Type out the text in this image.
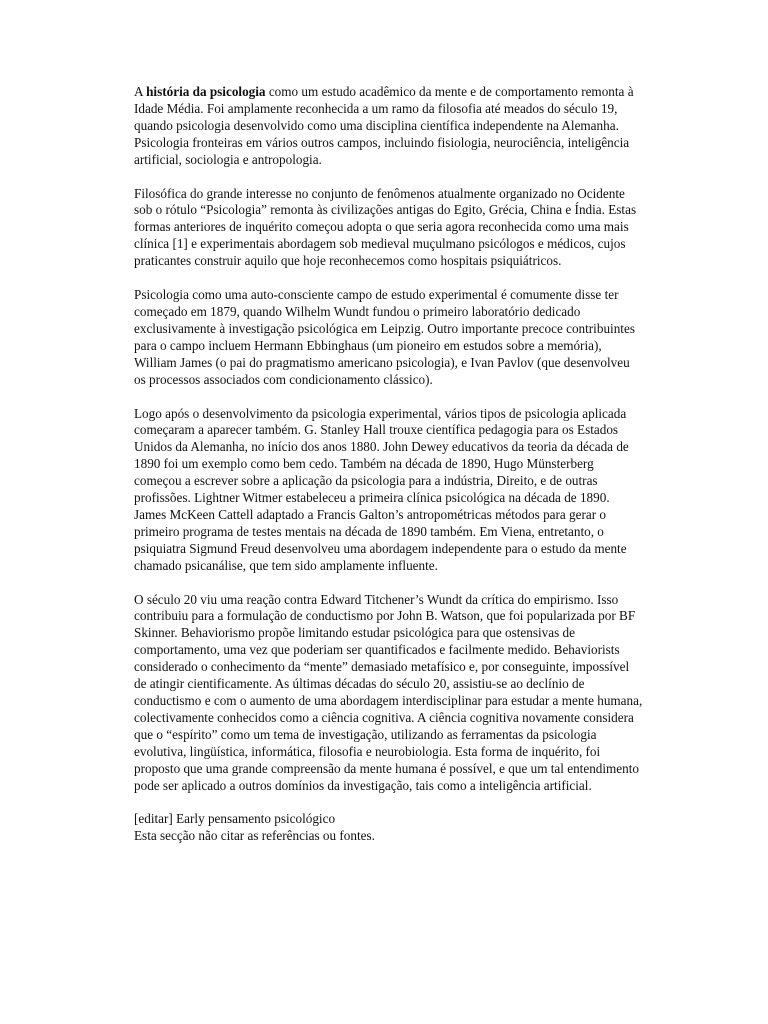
A história da psicologia como um estudo acadêmico da mente e de comportamento remonta à Idade Média. Foi amplamente reconhecida a um ramo da filosofia até meados do século 19, quando psicologia desenvolvido como uma disciplina científica independente na Alemanha. Psicologia fronteiras em vários outros campos, incluindo fisiologia, neurociência, inteligência artificial, sociologia e antropologia.

Filosófica do grande interesse no conjunto de fenômenos atualmente organizado no Ocidente sob o rótulo “Psicologia” remonta às civilizações antigas do Egito, Grécia, China e Índia. Estas formas anteriores de inquérito começou adopta o que seria agora reconhecida como uma mais clínica [1] e experimentais abordagem sob medieval muçulmano psicólogos e médicos, cujos praticantes construir aquilo que hoje reconhecemos como hospitais psiquiátricos.

Psicologia como uma auto-consciente campo de estudo experimental é comumente disse ter começado em 1879, quando Wilhelm Wundt fundou o primeiro laboratório dedicado exclusivamente à investigação psicológica em Leipzig. Outro importante precoce contribuintes para o campo incluem Hermann Ebbinghaus (um pioneiro em estudos sobre a memória), William James (o pai do pragmatismo americano psicologia), e Ivan Pavlov (que desenvolveu os processos associados com condicionamento clássico).

Logo após o desenvolvimento da psicologia experimental, vários tipos de psicologia aplicada começaram a aparecer também. G. Stanley Hall trouxe científica pedagogia para os Estados Unidos da Alemanha, no início dos anos 1880. John Dewey educativos da teoria da década de 1890 foi um exemplo como bem cedo. Também na década de 1890, Hugo Münsterberg começou a escrever sobre a aplicação da psicologia para a indústria, Direito, e de outras profissões. Lightner Witmer estabeleceu a primeira clínica psicológica na década de 1890. James McKeen Cattell adaptado a Francis Galton’s antropométricas métodos para gerar o primeiro programa de testes mentais na década de 1890 também. Em Viena, entretanto, o psiquiatra Sigmund Freud desenvolveu uma abordagem independente para o estudo da mente chamado psicanálise, que tem sido amplamente influente.

O século 20 viu uma reação contra Edward Titchener’s Wundt da crítica do empirismo. Isso contribuiu para a formulação de conductismo por John B. Watson, que foi popularizada por BF Skinner. Behaviorismo propõe limitando estudar psicológica para que ostensivas de comportamento, uma vez que poderiam ser quantificados e facilmente medido. Behaviorists considerado o conhecimento da “mente” demasiado metafísico e, por conseguinte, impossível de atingir cientificamente. As últimas décadas do século 20, assistiu-se ao declínio de conductismo e com o aumento de uma abordagem interdisciplinar para estudar a mente humana, colectivamente conhecidos como a ciência cognitiva. A ciência cognitiva novamente considera que o “espírito” como um tema de investigação, utilizando as ferramentas da psicologia evolutiva, lingüística, informática, filosofia e neurobiologia. Esta forma de inquérito, foi proposto que uma grande compreensão da mente humana é possível, e que um tal entendimento pode ser aplicado a outros domínios da investigação, tais como a inteligência artificial.

[editar] Early pensamento psicológico

Esta secção não citar as referências ou fontes.
